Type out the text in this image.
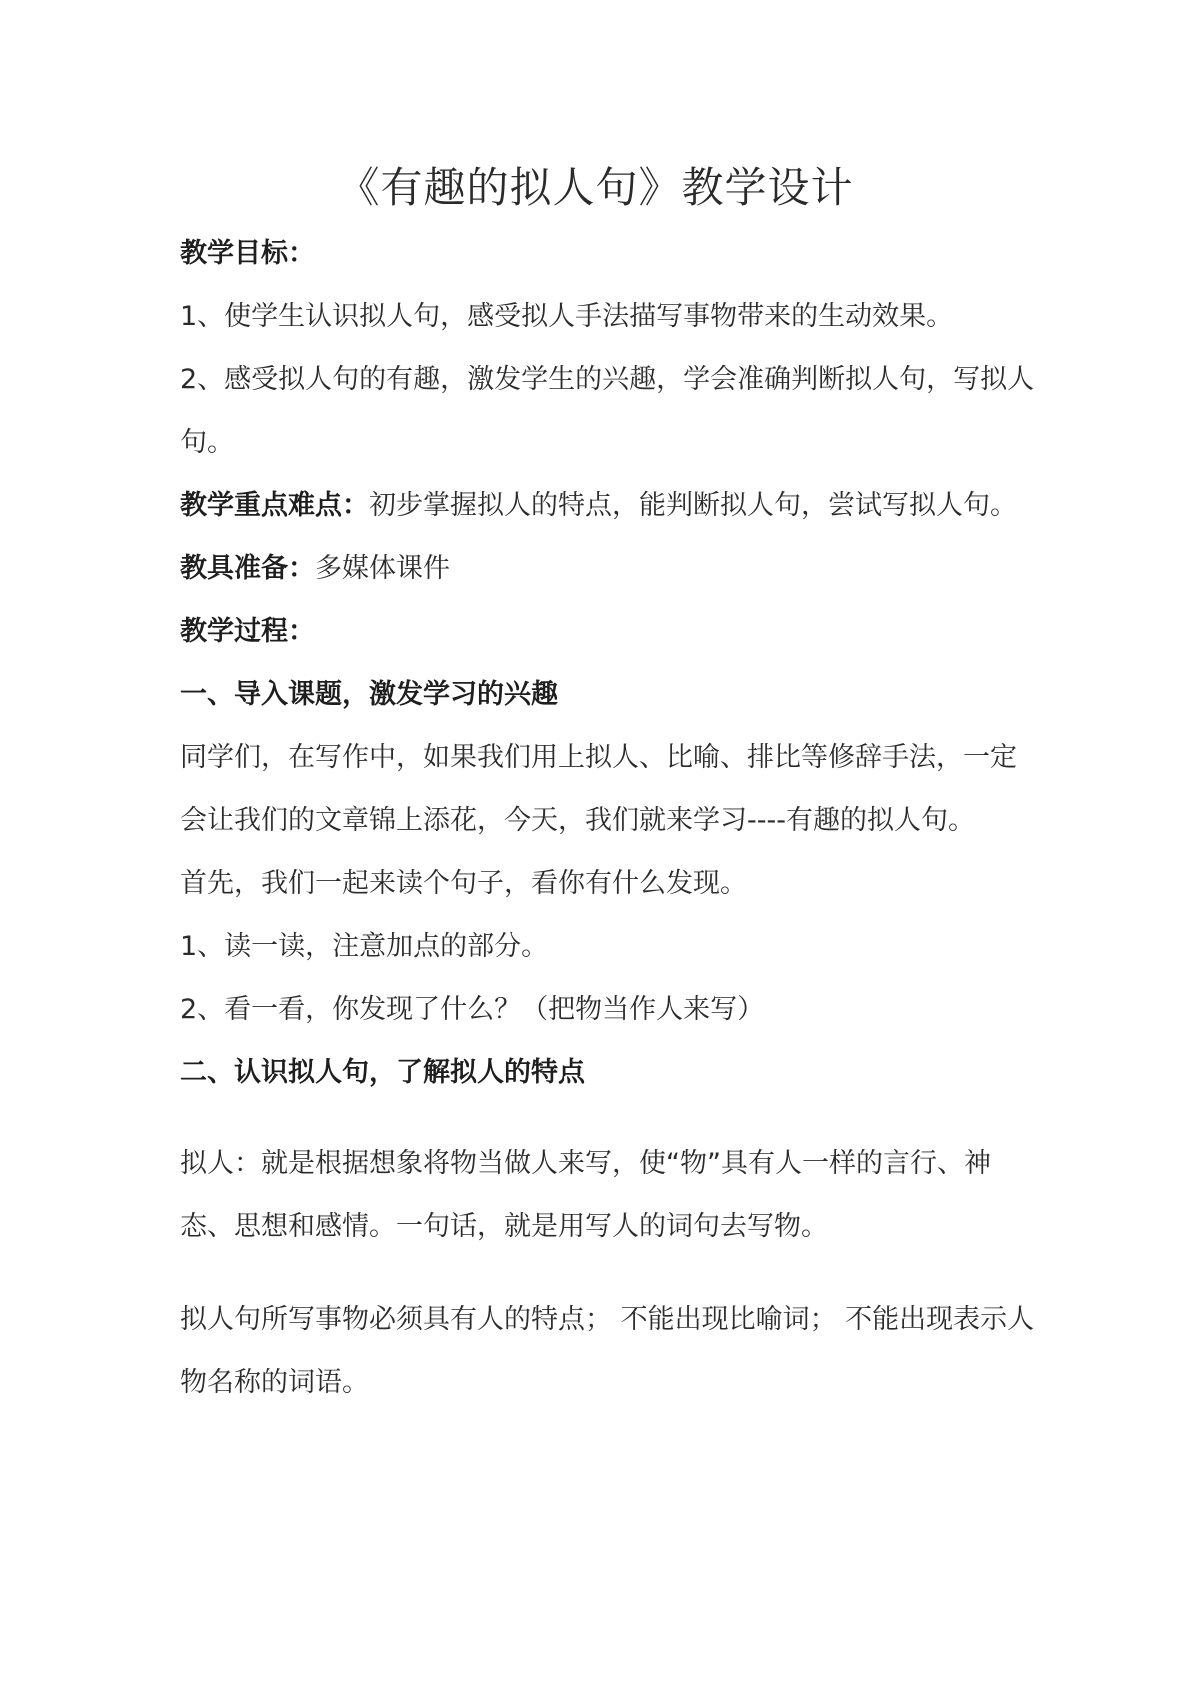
《有趣的拟人句》教学设计

教学目标：

1、使学生认识拟人句，感受拟人手法描写事物带来的生动效果。

2、感受拟人句的有趣，激发学生的兴趣，学会准确判断拟人句，写拟人句。

教学重点难点：初步掌握拟人的特点，能判断拟人句，尝试写拟人句。

教具准备：多媒体课件

教学过程：

一、导入课题，激发学习的兴趣

同学们，在写作中，如果我们用上拟人、比喻、排比等修辞手法，一定会让我们的文章锦上添花，今天，我们就来学习----有趣的拟人句。

首先，我们一起来读个句子，看你有什么发现。

1、读一读，注意加点的部分。

2、看一看，你发现了什么？（把物当作人来写）

二、认识拟人句，了解拟人的特点

拟人：就是根据想象将物当做人来写，使“物”具有人一样的言行、神态、思想和感情。一句话，就是用写人的词句去写物。

拟人句所写事物必须具有人的特点； 不能出现比喻词； 不能出现表示人物名称的词语。
